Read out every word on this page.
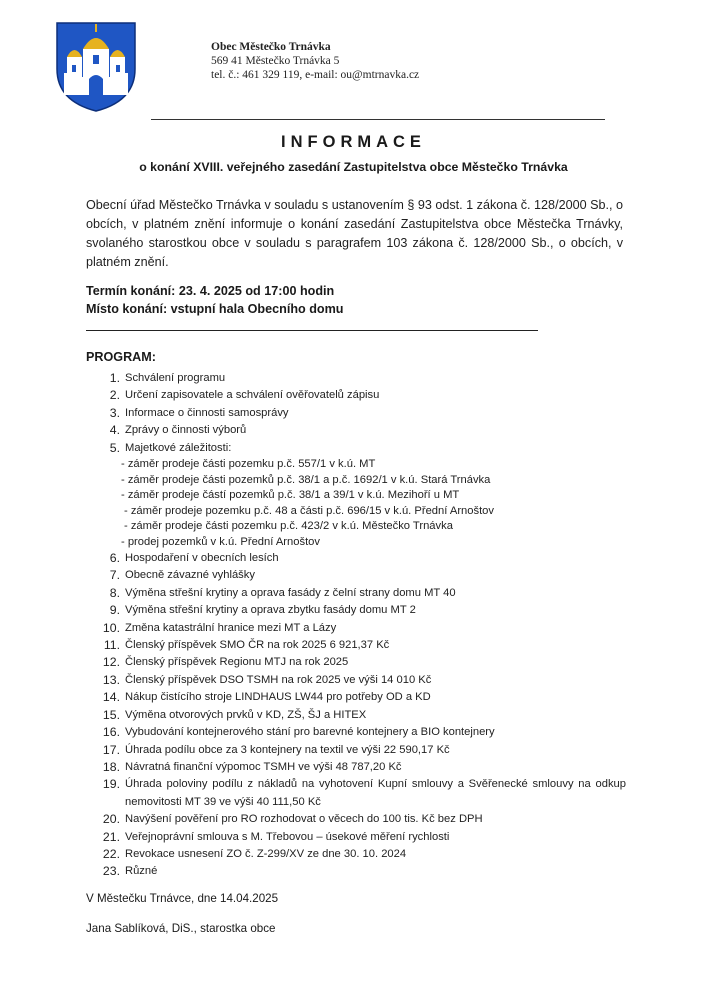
Obec Městečko Trnávka
569 41 Městečko Trnávka 5
tel. č.: 461 329 119, e-mail: ou@mtrnavka.cz
INFORMACE
o konání XVIII. veřejného zasedání Zastupitelstva obce Městečko Trnávka
Obecní úřad Městečko Trnávka v souladu s ustanovením § 93 odst. 1 zákona č. 128/2000 Sb., o obcích, v platném znění informuje o konání zasedání Zastupitelstva obce Městečka Trnávky, svolaného starostkou obce v souladu s paragrafem 103 zákona č. 128/2000 Sb., o obcích, v platném znění.
Termín konání: 23. 4. 2025 od 17:00 hodin
Místo konání: vstupní hala Obecního domu
PROGRAM:
1. Schválení programu
2. Určení zapisovatele a schválení ověřovatelů zápisu
3. Informace o činnosti samosprávy
4. Zprávy o činnosti výborů
5. Majetkové záležitosti:
- záměr prodeje části pozemku p.č. 557/1 v k.ú. MT
- záměr prodeje části pozemků p.č. 38/1 a p.č. 1692/1 v k.ú. Stará Trnávka
- záměr prodeje částí pozemků p.č. 38/1 a 39/1 v k.ú. Mezihoří u MT
- záměr prodeje pozemku p.č. 48 a části p.č. 696/15 v k.ú. Přední Arnoštov
- záměr prodeje části pozemku p.č. 423/2 v k.ú. Městečko Trnávka
- prodej pozemků v k.ú. Přední Arnoštov
6. Hospodaření v obecních lesích
7. Obecně závazné vyhlášky
8. Výměna střešní krytiny a oprava fasády z čelní strany domu MT 40
9. Výměna střešní krytiny a oprava zbytku fasády domu MT 2
10. Změna katastrální hranice mezi MT a Lázy
11. Členský příspěvek SMO ČR na rok 2025 6 921,37 Kč
12. Členský příspěvek Regionu MTJ na rok 2025
13. Členský příspěvek DSO TSMH na rok 2025 ve výši 14 010 Kč
14. Nákup čistícího stroje LINDHAUS LW44 pro potřeby OD a KD
15. Výměna otvorových prvků v KD, ZŠ, ŠJ a HITEX
16. Vybudování kontejnerového stání pro barevné kontejnery a BIO kontejnery
17. Úhrada podílu obce za 3 kontejnery na textil ve výši 22 590,17 Kč
18. Návratná finanční výpomoc TSMH ve výši 48 787,20 Kč
19. Úhrada poloviny podílu z nákladů na vyhotovení Kupní smlouvy a Svěřenecké smlouvy na odkup nemovitosti MT 39 ve výši 40 111,50 Kč
20. Navýšení pověření pro RO rozhodovat o věcech do 100 tis. Kč bez DPH
21. Veřejnoprávní smlouva s M. Třebovou – úsekové měření rychlosti
22. Revokace usnesení ZO č. Z-299/XV ze dne 30. 10. 2024
23. Různé
V Městečku Trnávce, dne 14.04.2025
Jana Sablíková, DiS., starostka obce
